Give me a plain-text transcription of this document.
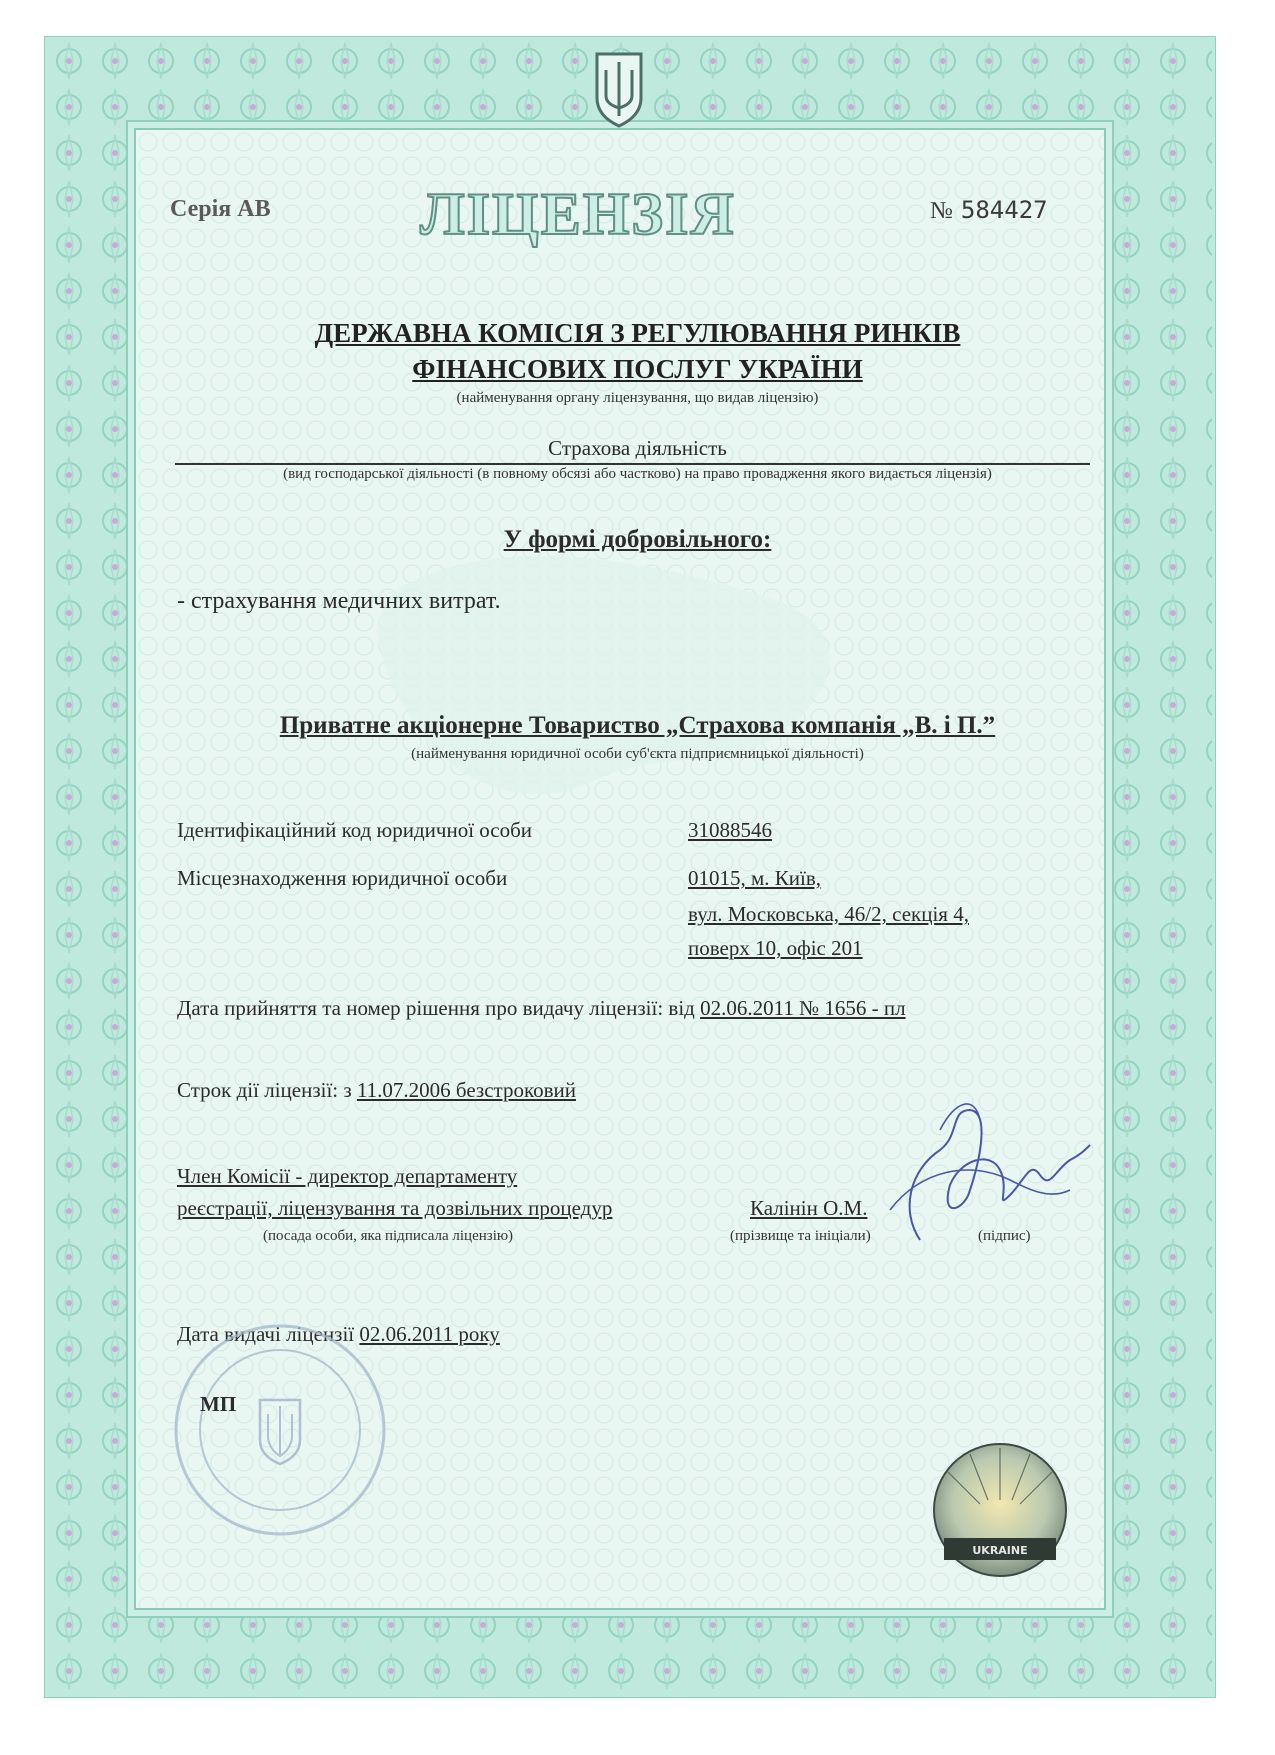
Серія АВ ЛІЦЕНЗІЯ	№ 584427
ДЕРЖАВНА КОМІСІЯ З РЕГУЛЮВАННЯ РИНКІВ
ФІНАНСОВИХ ПОСЛУГ УКРАЇНИ
(найменування органу ліцензування, що видав ліцензію)
Страхова діяльність
(вид господарської діяльності (в повному обсязі або частково) на право провадження якого видається ліцензія)
У формі добровільного:
- страхування медичних витрат.
Приватне акціонерне Товариство „Страхова компанія „В. і П.”
(найменування юридичної особи суб'єкта підприємницької діяльності)
Ідентифікаційний код юридичної особи	31088546
Місцезнаходження юридичної особи	01015, м. Київ,
вул. Московська, 46/2, секція 4,
поверх 10, офіс 201
Дата прийняття та номер рішення про видачу ліцензії: від 02.06.2011 № 1656 - пл
Строк дії ліцензії: з 11.07.2006 безстроковий
Член Комісії - директор департаменту
реєстрації, ліцензування та дозвільних процедур
(посада особи, яка підписала ліцензію)
Калінін О.М.
(прізвище та ініціали)	(підпис)
Дата видачі ліцензії 02.06.2011 року
МП
UKRAINE
